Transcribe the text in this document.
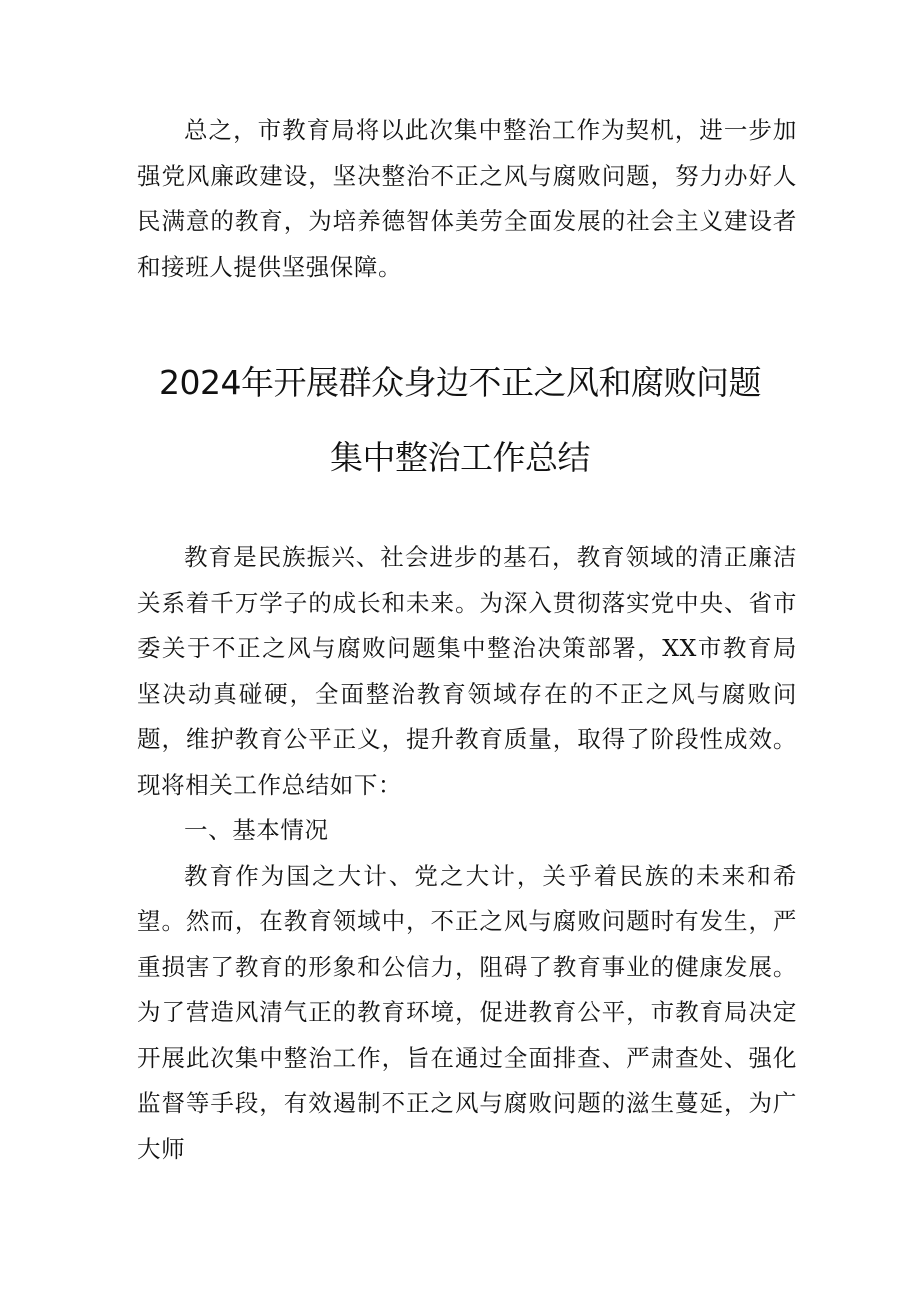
总之，市教育局将以此次集中整治工作为契机，进一步加强党风廉政建设，坚决整治不正之风与腐败问题，努力办好人民满意的教育，为培养德智体美劳全面发展的社会主义建设者和接班人提供坚强保障。

2024年开展群众身边不正之风和腐败问题
集中整治工作总结

教育是民族振兴、社会进步的基石，教育领域的清正廉洁关系着千万学子的成长和未来。为深入贯彻落实党中央、省市委关于不正之风与腐败问题集中整治决策部署，XX市教育局坚决动真碰硬，全面整治教育领域存在的不正之风与腐败问题，维护教育公平正义，提升教育质量，取得了阶段性成效。现将相关工作总结如下：

一、基本情况

教育作为国之大计、党之大计，关乎着民族的未来和希望。然而，在教育领域中，不正之风与腐败问题时有发生，严重损害了教育的形象和公信力，阻碍了教育事业的健康发展。为了营造风清气正的教育环境，促进教育公平，市教育局决定开展此次集中整治工作，旨在通过全面排查、严肃查处、强化监督等手段，有效遏制不正之风与腐败问题的滋生蔓延，为广大师
